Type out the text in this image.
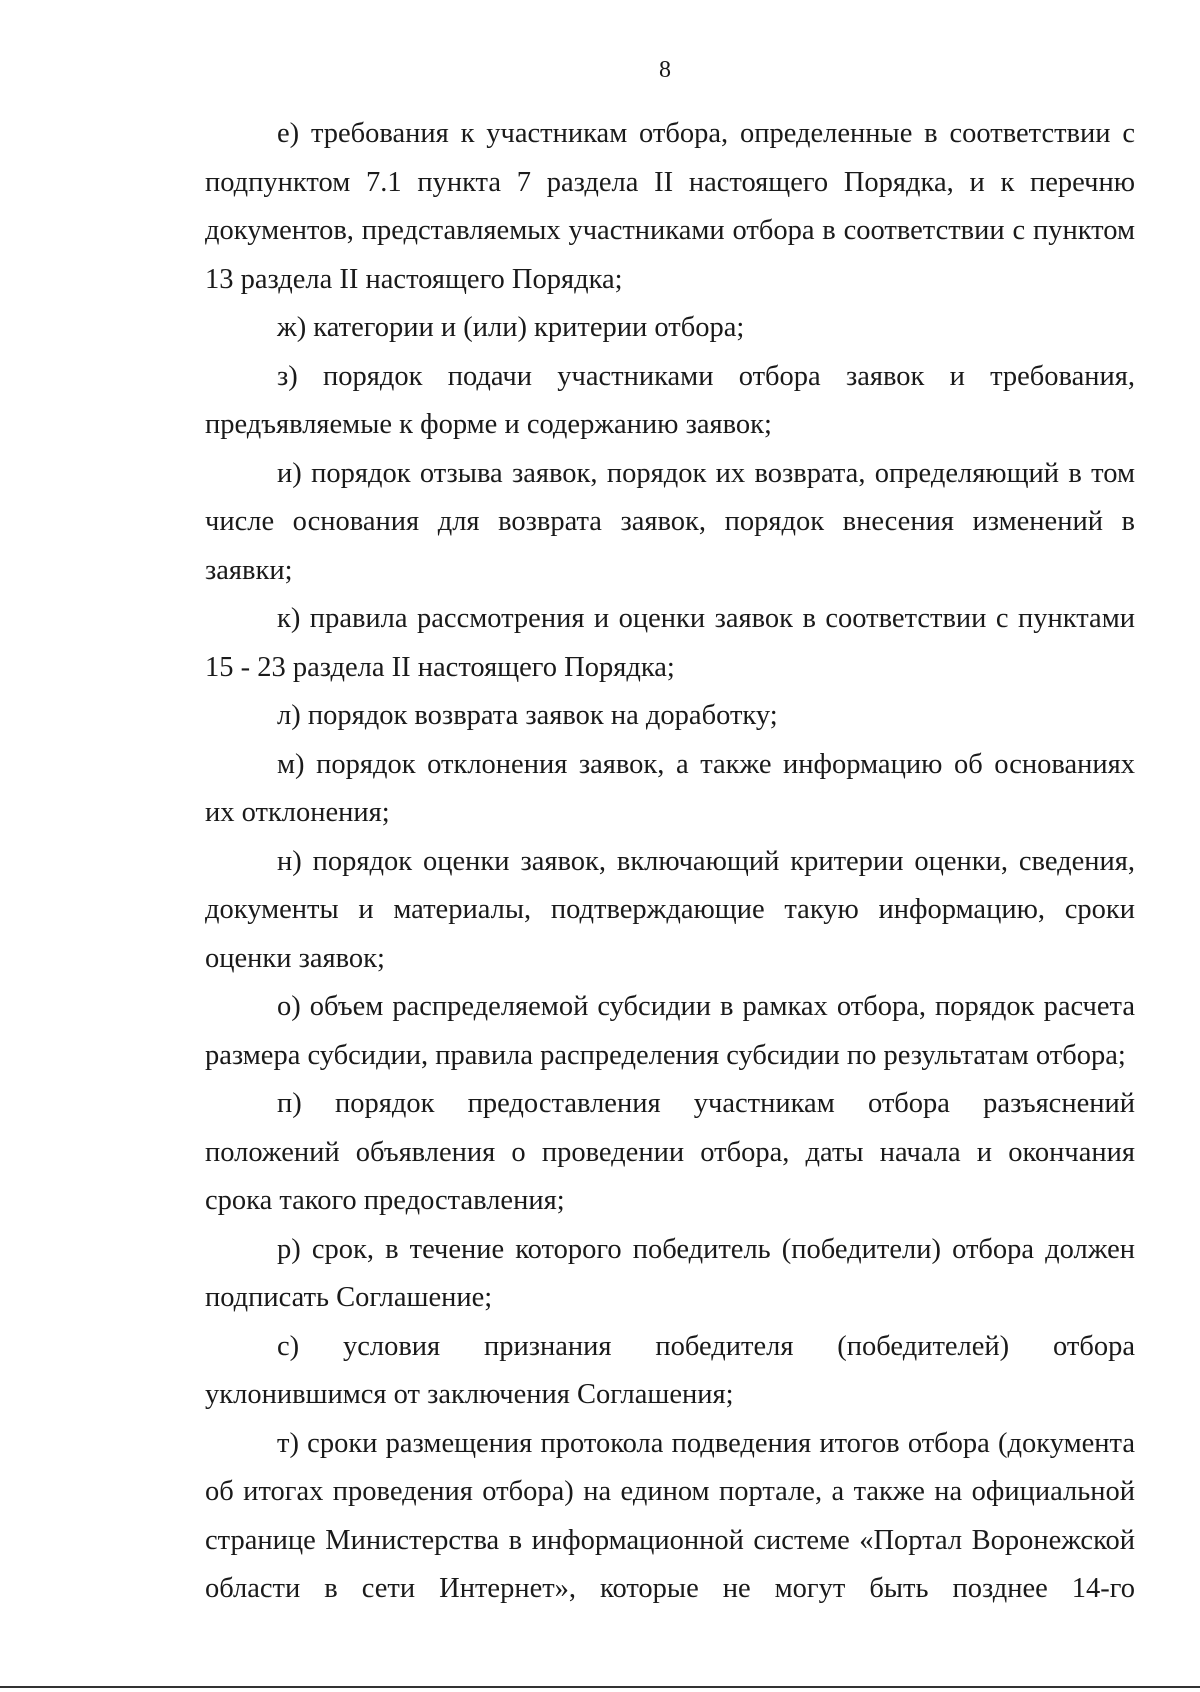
8

е) требования к участникам отбора, определенные в соответствии с подпунктом 7.1 пункта 7 раздела II настоящего Порядка, и к перечню документов, представляемых участниками отбора в соответствии с пунктом 13 раздела II настоящего Порядка;

ж) категории и (или) критерии отбора;

з) порядок подачи участниками отбора заявок и требования, предъявляемые к форме и содержанию заявок;

и) порядок отзыва заявок, порядок их возврата, определяющий в том числе основания для возврата заявок, порядок внесения изменений в заявки;

к) правила рассмотрения и оценки заявок в соответствии с пунктами 15 - 23 раздела II настоящего Порядка;

л) порядок возврата заявок на доработку;

м) порядок отклонения заявок, а также информацию об основаниях их отклонения;

н) порядок оценки заявок, включающий критерии оценки, сведения, документы и материалы, подтверждающие такую информацию, сроки оценки заявок;

о) объем распределяемой субсидии в рамках отбора, порядок расчета размера субсидии, правила распределения субсидии по результатам отбора;

п) порядок предоставления участникам отбора разъяснений положений объявления о проведении отбора, даты начала и окончания срока такого предоставления;

р) срок, в течение которого победитель (победители) отбора должен подписать Соглашение;

с) условия признания победителя (победителей) отбора уклонившимся от заключения Соглашения;

т) сроки размещения протокола подведения итогов отбора (документа об итогах проведения отбора) на едином портале, а также на официальной странице Министерства в информационной системе «Портал Воронежской области в сети Интернет», которые не могут быть позднее 14-го
